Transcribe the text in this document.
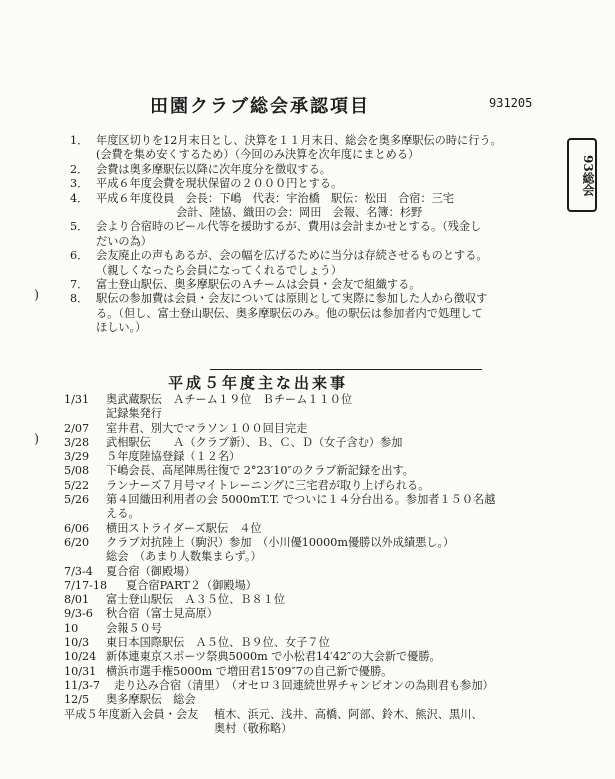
田園クラブ総会承認項目	931205
93総会
)
)
1． 年度区切りを12月末日とし、決算を１１月末日、総会を奥多摩駅伝の時に行う。
(会費を集め安くするため）（今回のみ決算を次年度にまとめる）
2． 会費は奥多摩駅伝以降に次年度分を徴収する。
3． 平成６年度会費を現状保留の２０００円とする。
4． 平成６年度役員　会長：下嶋　代表：宇治橋　駅伝：松田　合宿：三宅
会計、陸協、織田の会：岡田　会報、名簿：杉野
5． 会より合宿時のビール代等を援助するが、費用は会計まかせとする。（残金し
だいの為）
6． 会友廃止の声もあるが、会の幅を広げるために当分は存続させるものとする。
（親しくなったら会員になってくれるでしょう）
7． 富士登山駅伝、奥多摩駅伝のＡチームは会員・会友で組織する。
8． 駅伝の参加費は会員・会友については原則として実際に参加した人から徴収す
る。（但し、富士登山駅伝、奥多摩駅伝のみ。他の駅伝は参加者内で処理して
ほしい。）
平成５年度主な出来事
1/31	奥武蔵駅伝　Ａチーム１９位　Ｂチーム１１０位
記録集発行
2/07	室井君、別大でマラソン１００回目完走
3/28	武相駅伝　　Ａ（クラブ新）、Ｂ、Ｃ、Ｄ（女子含む）参加
3/29	５年度陸協登録（１２名）
5/08	下嶋会長、高尾陣馬往復で 2°23′10″のクラブ新記録を出す。
5/22	ランナーズ７月号マイトレーニングに三宅君が取り上げられる。
5/26	第４回織田利用者の会 5000mT.T. でついに１４分台出る。参加者１５０名越
える。
6/06	横田ストライダーズ駅伝　４位
6/20	クラブ対抗陸上（駒沢）参加　（小川優10000m優勝以外成績悪し。）
総会　（あまり人数集まらず。）
7/3-4	夏合宿（御殿場）
7/17-18	夏合宿PART２（御殿場）
8/01	富士登山駅伝　Ａ３５位、Ｂ８１位
9/3-6	秋合宿（富士見高原）
10	会報５０号
10/3	東日本国際駅伝　Ａ５位、Ｂ９位、女子７位
10/24 新体連東京スポーツ祭典5000m で小松君14′42″の大会新で優勝。
10/31 横浜市選手権5000m で増田君15′09″7の自己新で優勝。
11/3-7	走り込み合宿（清里）　（オセロ３回連続世界チャンピオンの為則君も参加）
12/5	奥多摩駅伝　総会
平成５年度新入会員・会友	植木、浜元、浅井、高橋、阿部、鈴木、熊沢、黒川、
奥村（敬称略）
